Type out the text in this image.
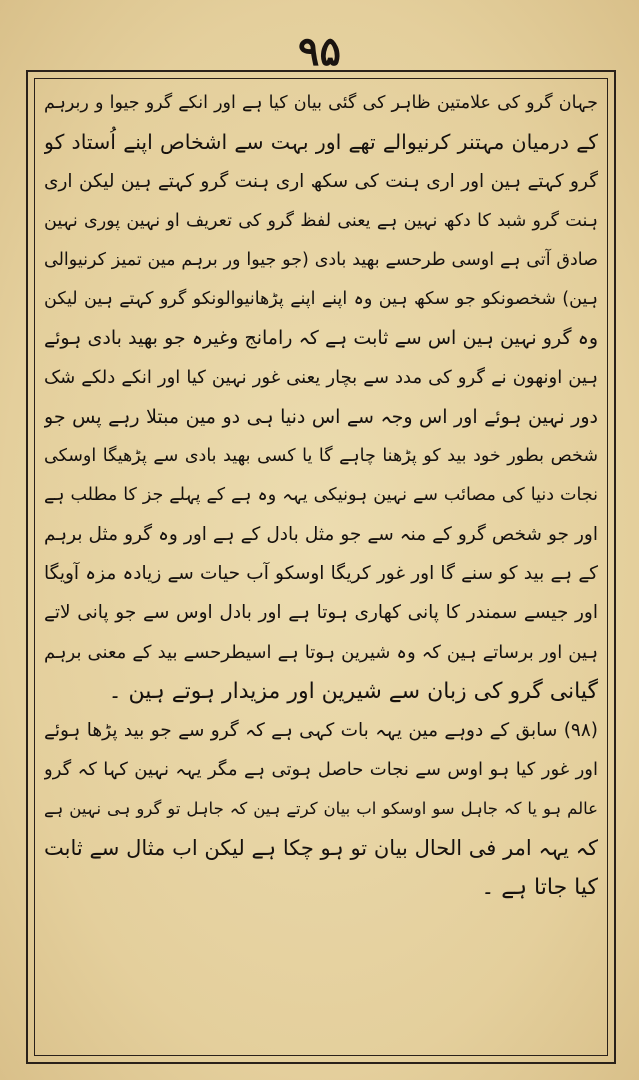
۹۵
جہان گرو کی علامتین ظاہر کی گئی بیان کیا ہے اور انکے گرو جیوا و ربرہم
کے درمیان مہتنر کرنیوالے تھے اور بہت سے اشخاص اپنے اُستاد کو
گرو کہتے ہین اور اری ہنت کی سکھ اری ہنت گرو کہتے ہین لیکن اری
ہنت گرو شبد کا دکھ نہین ہے یعنی لفظ گرو کی تعریف او نہین پوری نہین
صادق آتی ہے اوسی طرحسے بھید بادی (جو جیوا ور برہم مین تمیز کرنیوالی
ہین) شخصونکو جو سکھ ہین وہ اپنے اپنے پڑھانیوالونکو گرو کہتے ہین لیکن
وہ گرو نہین ہین اس سے ثابت ہے کہ رامانج وغیرہ جو بھید بادی ہوئے
ہین اونھون نے گرو کی مدد سے بچار یعنی غور نہین کیا اور انکے دلکے شک
دور نہین ہوئے اور اس وجہ سے اس دنیا ہی دو مین مبتلا رہے پس جو
شخص بطور خود بید کو پڑھنا چاہے گا یا کسی بھید بادی سے پڑھیگا اوسکی
نجات دنیا کی مصائب سے نہین ہونیکی یہہ وہ ہے کے پہلے جز کا مطلب ہے
اور جو شخص گرو کے منہ سے جو مثل بادل کے ہے اور وہ گرو مثل برہم
کے ہے بید کو سنے گا اور غور کریگا اوسکو آب حیات سے زیادہ مزہ آویگا
اور جیسے سمندر کا پانی کھاری ہوتا ہے اور بادل اوس سے جو پانی لاتے
ہین اور برساتے ہین کہ وہ شیرین ہوتا ہے اسیطرحسے بید کے معنی برہم
گیانی گرو کی زبان سے شیرین اور مزیدار ہوتے ہین ۔
(۹۸) سابق کے دوہے مین یہہ بات کہی ہے کہ گرو سے جو بید پڑھا ہوئے
اور غور کیا ہو اوس سے نجات حاصل ہوتی ہے مگر یہہ نہین کہا کہ گرو
عالم ہو یا کہ جاہل سو اوسکو اب بیان کرتے ہین کہ جاہل تو گرو ہی نہین ہے
کہ یہہ امر فی الحال بیان تو ہو چکا ہے لیکن اب مثال سے ثابت
کیا جاتا ہے ۔
